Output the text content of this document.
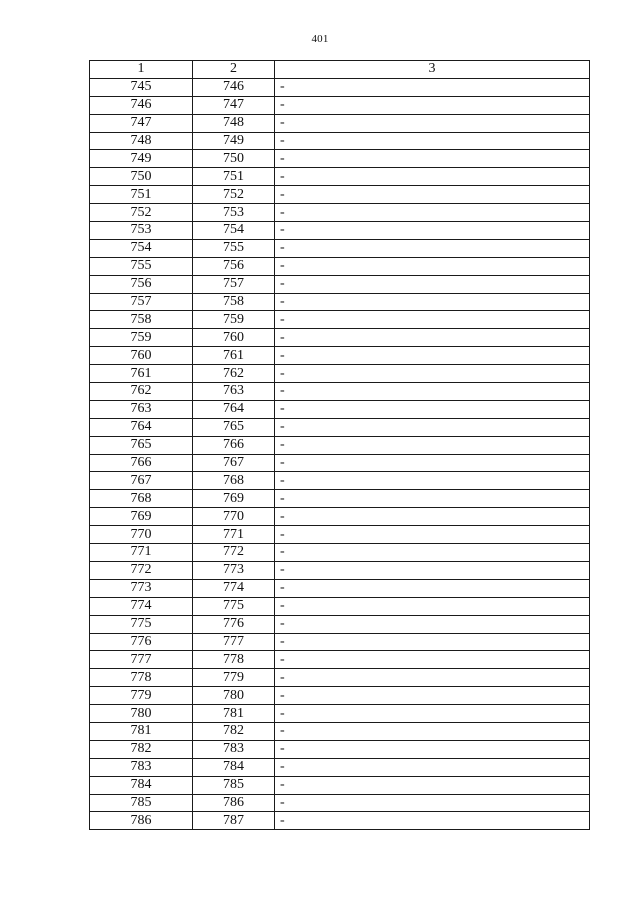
401
1	2	3
745	746	-
746	747	-
747	748	-
748	749	-
749	750	-
750	751	-
751	752	-
752	753	-
753	754	-
754	755	-
755	756	-
756	757	-
757	758	-
758	759	-
759	760	-
760	761	-
761	762	-
762	763	-
763	764	-
764	765	-
765	766	-
766	767	-
767	768	-
768	769	-
769	770	-
770	771	-
771	772	-
772	773	-
773	774	-
774	775	-
775	776	-
776	777	-
777	778	-
778	779	-
779	780	-
780	781	-
781	782	-
782	783	-
783	784	-
784	785	-
785	786	-
786	787	-
